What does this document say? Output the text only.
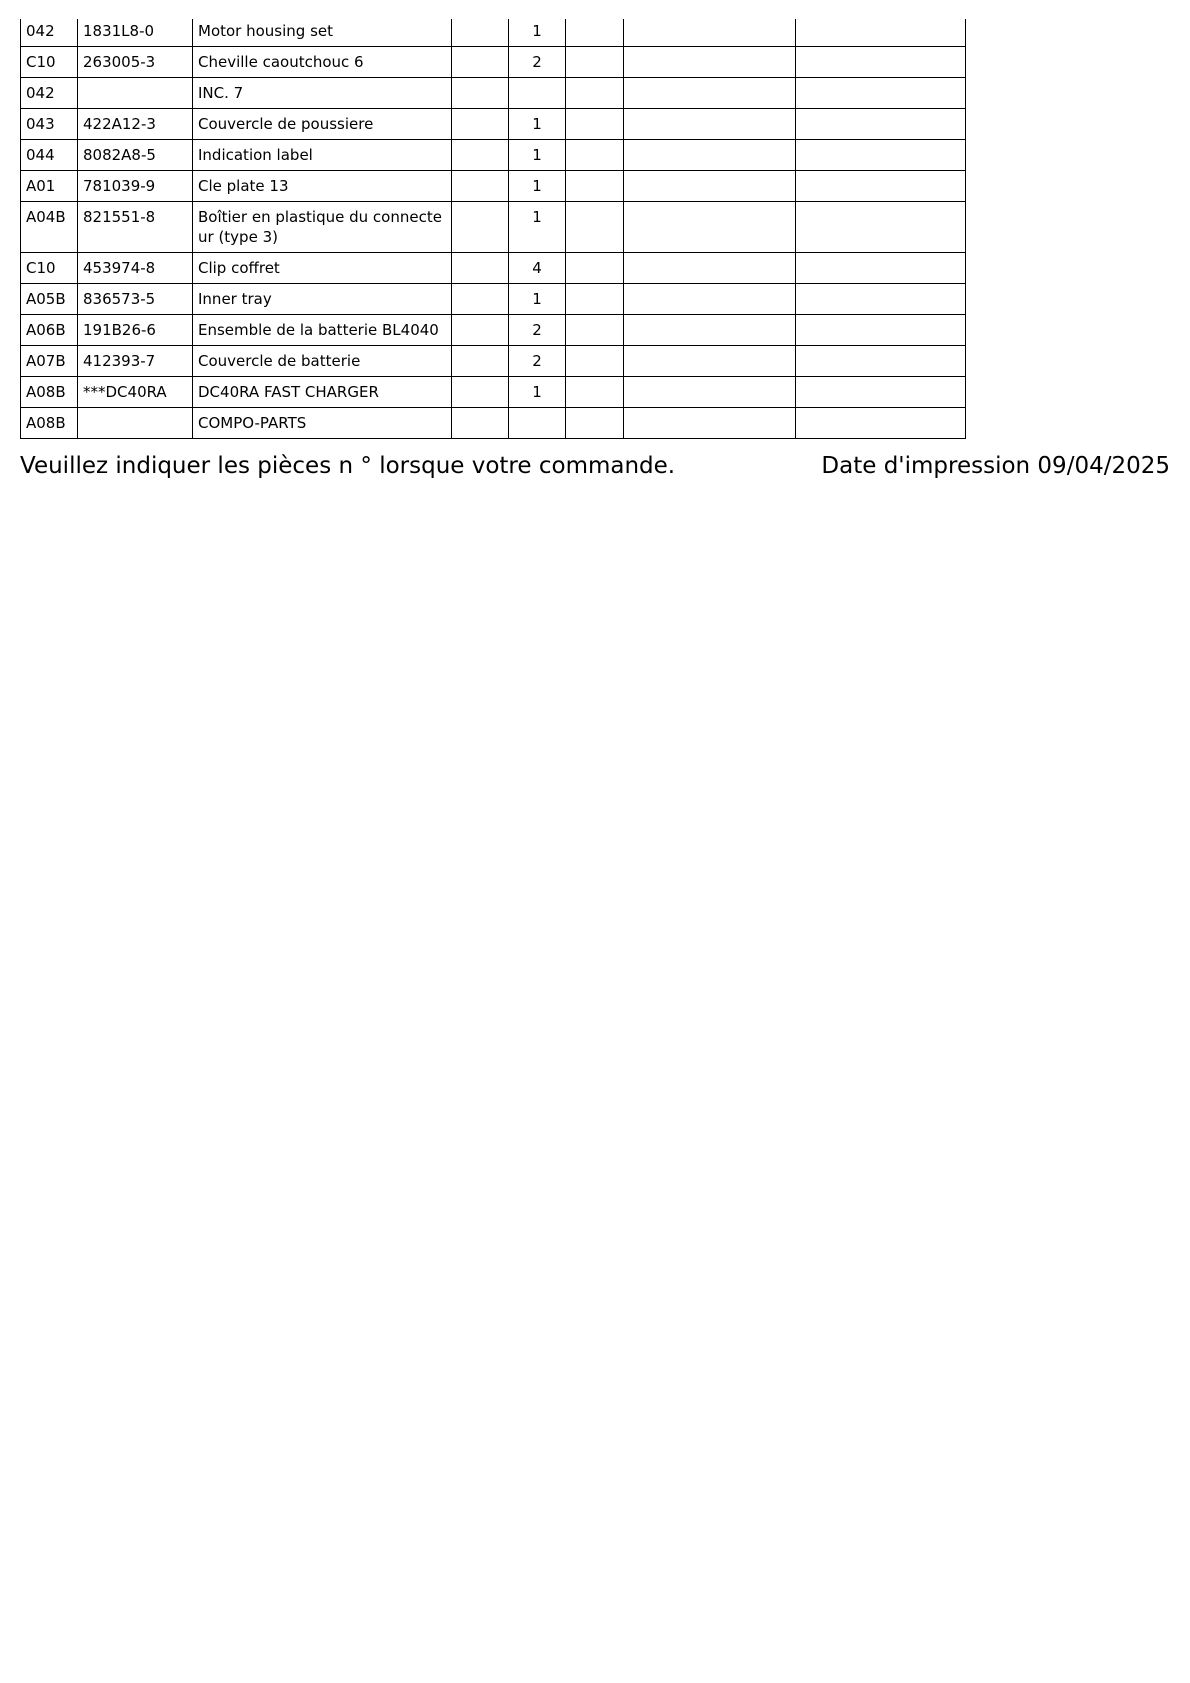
042	1831L8-0	Motor housing set		1			
C10	263005-3	Cheville caoutchouc 6		2			
042		INC. 7					
043	422A12-3	Couvercle de poussiere		1			
044	8082A8-5	Indication label		1			
A01	781039-9	Cle plate 13		1			
A04B	821551-8	Boîtier en plastique du connecteur (type 3)		1			
C10	453974-8	Clip coffret		4			
A05B	836573-5	Inner tray		1			
A06B	191B26-6	Ensemble de la batterie BL4040		2			
A07B	412393-7	Couvercle de batterie		2			
A08B	***DC40RA	DC40RA FAST CHARGER		1			
A08B		COMPO-PARTS					
Veuillez indiquer les pièces n ° lorsque votre commande.	Date d'impression 09/04/2025
